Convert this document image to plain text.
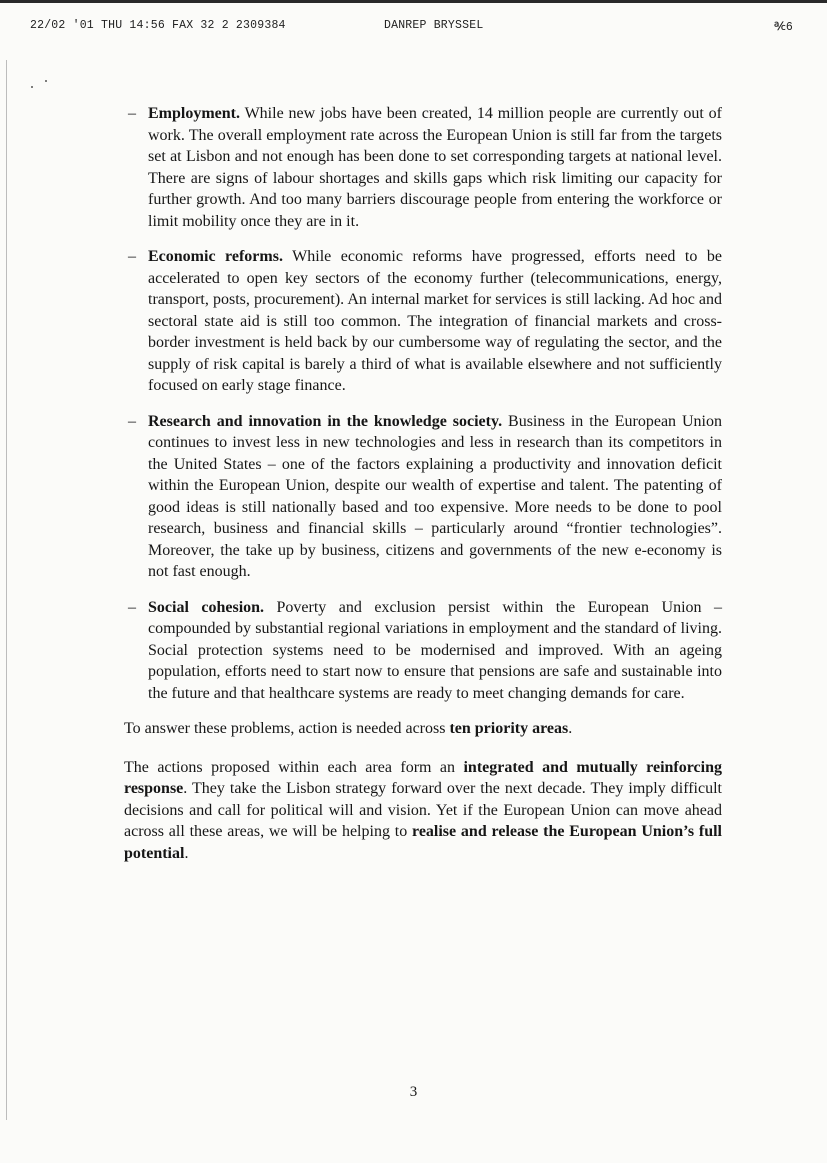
22/02 '01 THU 14:56 FAX 32 2 2309384	DANREP BRYSSEL	℀6
– Employment. While new jobs have been created, 14 million people are currently out of work. The overall employment rate across the European Union is still far from the targets set at Lisbon and not enough has been done to set corresponding targets at national level. There are signs of labour shortages and skills gaps which risk limiting our capacity for further growth. And too many barriers discourage people from entering the workforce or limit mobility once they are in it.
– Economic reforms. While economic reforms have progressed, efforts need to be accelerated to open key sectors of the economy further (telecommunications, energy, transport, posts, procurement). An internal market for services is still lacking. Ad hoc and sectoral state aid is still too common. The integration of financial markets and cross-border investment is held back by our cumbersome way of regulating the sector, and the supply of risk capital is barely a third of what is available elsewhere and not sufficiently focused on early stage finance.
– Research and innovation in the knowledge society. Business in the European Union continues to invest less in new technologies and less in research than its competitors in the United States – one of the factors explaining a productivity and innovation deficit within the European Union, despite our wealth of expertise and talent. The patenting of good ideas is still nationally based and too expensive. More needs to be done to pool research, business and financial skills – particularly around “frontier technologies”. Moreover, the take up by business, citizens and governments of the new e-economy is not fast enough.
– Social cohesion. Poverty and exclusion persist within the European Union – compounded by substantial regional variations in employment and the standard of living. Social protection systems need to be modernised and improved. With an ageing population, efforts need to start now to ensure that pensions are safe and sustainable into the future and that healthcare systems are ready to meet changing demands for care.

To answer these problems, action is needed across ten priority areas.

The actions proposed within each area form an integrated and mutually reinforcing response. They take the Lisbon strategy forward over the next decade. They imply difficult decisions and call for political will and vision. Yet if the European Union can move ahead across all these areas, we will be helping to realise and release the European Union’s full potential.

3
